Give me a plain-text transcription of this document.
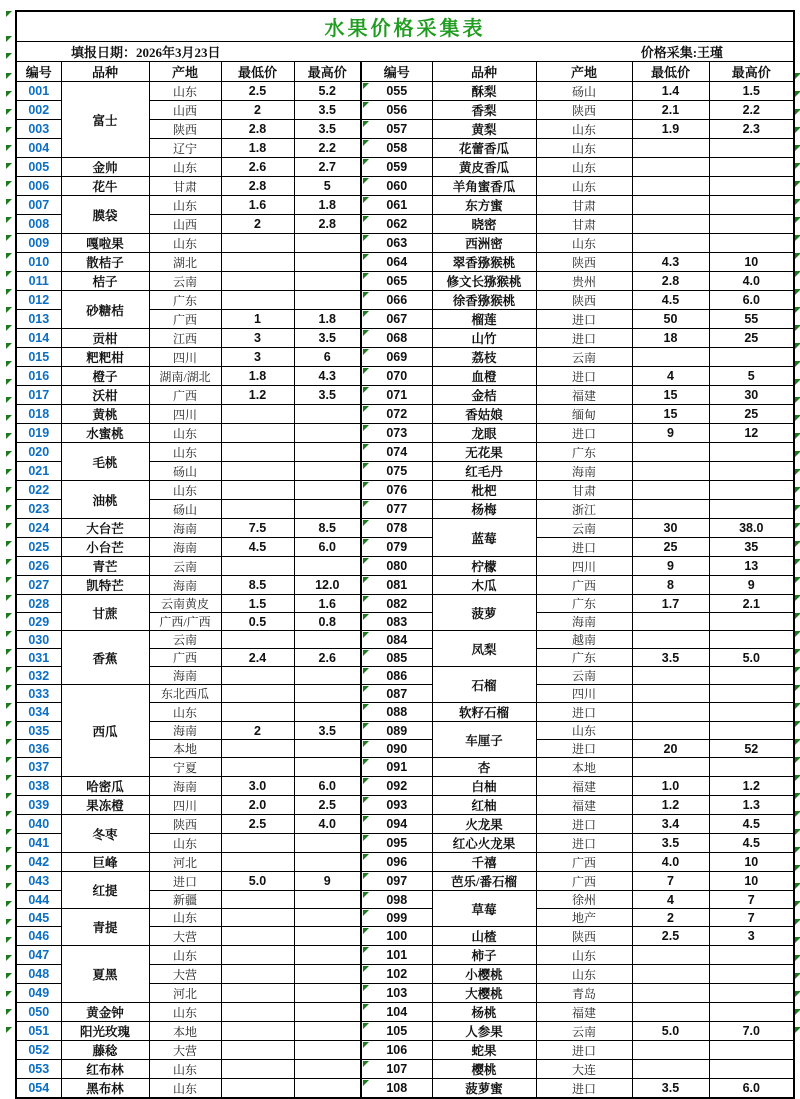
水果价格采集表									

填报日期：2026年3月23日 价格采集:王瑾									

编号	品种	产地	最低价	最高价	编号	品种	产地	最低价	最高价
001	富士	山东	2.5	5.2	055	酥梨	砀山	1.4	1.5
002		山西	2	3.5	056	香梨	陕西	2.1	2.2
003		陕西	2.8	3.5	057	黄梨	山东	1.9	2.3
004		辽宁	1.8	2.2	058	花蕾香瓜	山东		
005	金帅	山东	2.6	2.7	059	黄皮香瓜	山东		
006	花牛	甘肃	2.8	5	060	羊角蜜香瓜	山东		
007	膜袋	山东	1.6	1.8	061	东方蜜	甘肃		
008		山西	2	2.8	062	晓密	甘肃		
009	嘎啦果	山东			063	西洲密	山东		
010	散桔子	湖北			064	翠香猕猴桃	陕西	4.3	10
011	桔子	云南			065	修文长猕猴桃	贵州	2.8	4.0
012	砂糖桔	广东			066	徐香猕猴桃	陕西	4.5	6.0
013		广西	1	1.8	067	榴莲	进口	50	55
014	贡柑	江西	3	3.5	068	山竹	进口	18	25
015	粑粑柑	四川	3	6	069	荔枝	云南		
016	橙子	湖南/湖北	1.8	4.3	070	血橙	进口	4	5
017	沃柑	广西	1.2	3.5	071	金桔	福建	15	30
018	黄桃	四川			072	香姑娘	缅甸	15	25
019	水蜜桃	山东			073	龙眼	进口	9	12
020	毛桃	山东			074	无花果	广东		
021		砀山			075	红毛丹	海南		
022	油桃	山东			076	枇杷	甘肃		
023		砀山			077	杨梅	浙江		
024	大台芒	海南	7.5	8.5	078	蓝莓	云南	30	38.0
025	小台芒	海南	4.5	6.0	079		进口	25	35
026	青芒	云南			080	柠檬	四川	9	13
027	凯特芒	海南	8.5	12.0	081	木瓜	广西	8	9
028	甘蔗	云南黄皮	1.5	1.6	082	菠萝	广东	1.7	2.1
029		广西/广西	0.5	0.8	083		海南		
030	香蕉	云南			084	凤梨	越南		
031		广西	2.4	2.6	085		广东	3.5	5.0
032		海南			086	石榴	云南		
033	西瓜	东北西瓜			087		四川		
034		山东			088	软籽石榴	进口		
035		海南	2	3.5	089	车厘子	山东		
036		本地			090		进口	20	52
037		宁夏			091	杏	本地		
038	哈密瓜	海南	3.0	6.0	092	白柚	福建	1.0	1.2
039	果冻橙	四川	2.0	2.5	093	红柚	福建	1.2	1.3
040	冬枣	陕西	2.5	4.0	094	火龙果	进口	3.4	4.5
041		山东			095	红心火龙果	进口	3.5	4.5
042	巨峰	河北			096	千禧	广西	4.0	10
043	红提	进口	5.0	9	097	芭乐/番石榴	广西	7	10
044		新疆			098	草莓	徐州	4	7
045	青提	山东			099		地产	2	7
046		大营			100	山楂	陕西	2.5	3
047	夏黑	山东			101	柿子	山东		
048		大营			102	小樱桃	山东		
049		河北			103	大樱桃	青岛		
050	黄金钟	山东			104	杨桃	福建		
051	阳光玫瑰	本地			105	人参果	云南	5.0	7.0
052	藤稔	大营			106	蛇果	进口		
053	红布林	山东			107	樱桃	大连		
054	黑布林	山东			108	菠萝蜜	进口	3.5	6.0
